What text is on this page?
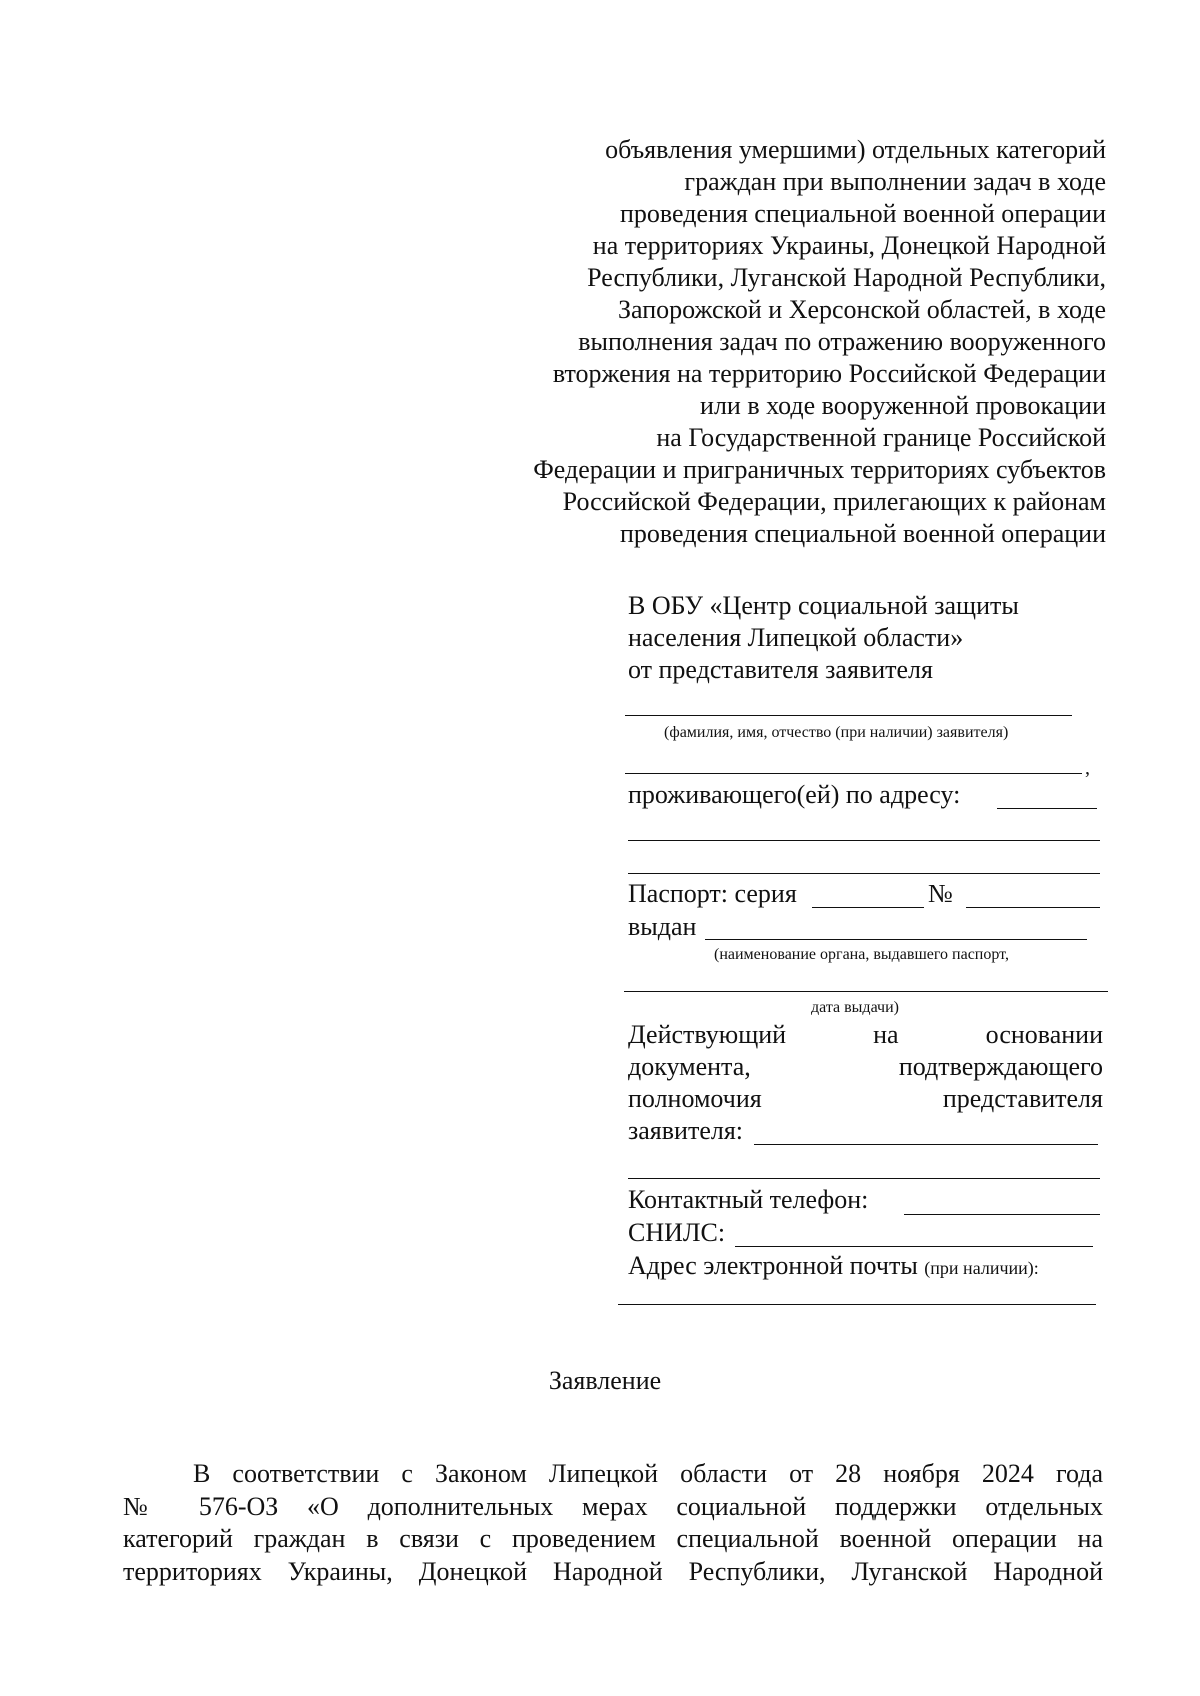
объявления умершими) отдельных категорий
граждан при выполнении задач в ходе
проведения специальной военной операции
на территориях Украины, Донецкой Народной
Республики, Луганской Народной Республики,
Запорожской и Херсонской областей, в ходе
выполнения задач по отражению вооруженного
вторжения на территорию Российской Федерации
или в ходе вооруженной провокации
на Государственной границе Российской
Федерации и приграничных территориях субъектов
Российской Федерации, прилегающих к районам
проведения специальной военной операции
В ОБУ «Центр социальной защиты
населения Липецкой области»
от представителя заявителя
(фамилия, имя, отчество (при наличии) заявителя)
,
проживающего(ей) по адресу:
Паспорт: серия	№
выдан
(наименование органа, выдавшего паспорт,
дата выдачи)
Действующий	на	основании
документа,	подтверждающего
полномочия	представителя
заявителя:
Контактный телефон:
СНИЛС:
Адрес электронной почты (при наличии):
Заявление
В соответствии с Законом Липецкой области от 28 ноября 2024 года
№ 576-ОЗ «О дополнительных мерах социальной поддержки отдельных
категорий граждан в связи с проведением специальной военной операции на
территориях Украины, Донецкой Народной Республики, Луганской Народной
